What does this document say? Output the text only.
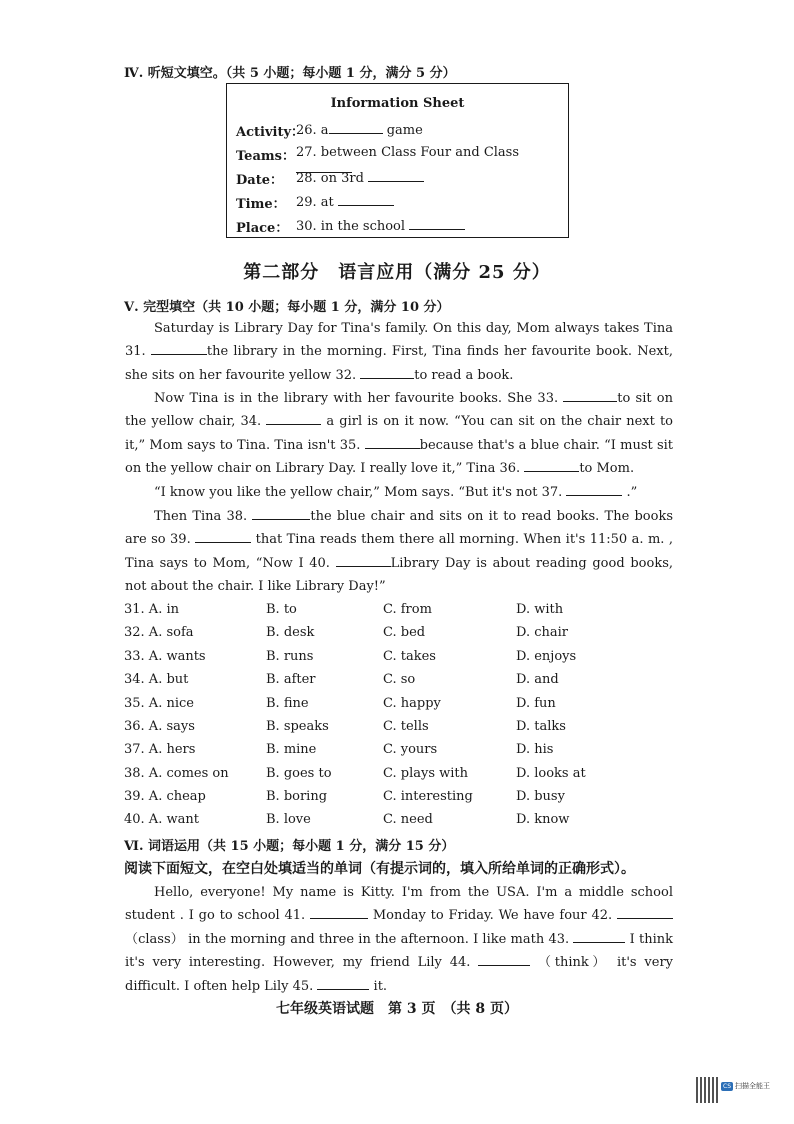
Ⅳ. 听短文填空。（共 5 小题；每小题 1 分，满分 5 分）
Information Sheet
Activity：
26. a	game
Teams： 27. between Class Four and Class
Date： 28. on 3rd
Time： 29. at
Place： 30. in the school
第二部分　语言应用（满分 25 分）
Ⅴ. 完型填空（共 10 小题；每小题 1 分，满分 10 分）
Saturday is Library Day for Tina's family. On this day, Mom always takes Tina 31.	the library in the morning. First, Tina finds her favourite book. Next, she sits on her favourite yellow 32.	to read a book.
Now Tina is in the library with her favourite books. She 33.	to sit on the yellow chair, 34.	a girl is on it now. “You can sit on the chair next to it,” Mom says to Tina. Tina isn't 35.	because that's a blue chair. “I must sit on the yellow chair on Library Day. I really love it,” Tina 36.	to Mom.
“I know you like the yellow chair,” Mom says. “But it's not 37.	.”
Then Tina 38.	the blue chair and sits on it to read books. The books are so 39.	that Tina reads them there all morning. When it's 11:50 a. m. , Tina says to Mom, “Now I 40.	Library Day is about reading good books, not about the chair. I like Library Day!”
31. A. in	B. to	C. from	D. with
32. A. sofa	B. desk	C. bed	D. chair
33. A. wants	B. runs	C. takes	D. enjoys
34. A. but	B. after	C. so	D. and
35. A. nice	B. fine	C. happy	D. fun
36. A. says	B. speaks	C. tells	D. talks
37. A. hers	B. mine	C. yours	D. his
38. A. comes on	B. goes to	C. plays with	D. looks at
39. A. cheap	B. boring	C. interesting	D. busy
40. A. want	B. love	C. need	D. know
Ⅵ. 词语运用（共 15 小题；每小题 1 分，满分 15 分）
阅读下面短文，在空白处填适当的单词（有提示词的，填入所给单词的正确形式）。
Hello, everyone! My name is Kitty. I'm from the USA. I'm a middle school student . I go to school 41.	Monday to Friday. We have four 42.  （class） in the morning and three in the afternoon. I like math 43.	I think it's very interesting. However, my friend Lily 44.	（think） it's very difficult. I often help Lily 45.	it.
七年级英语试题　第 3 页　（共 8 页）
CS 扫描全能王
